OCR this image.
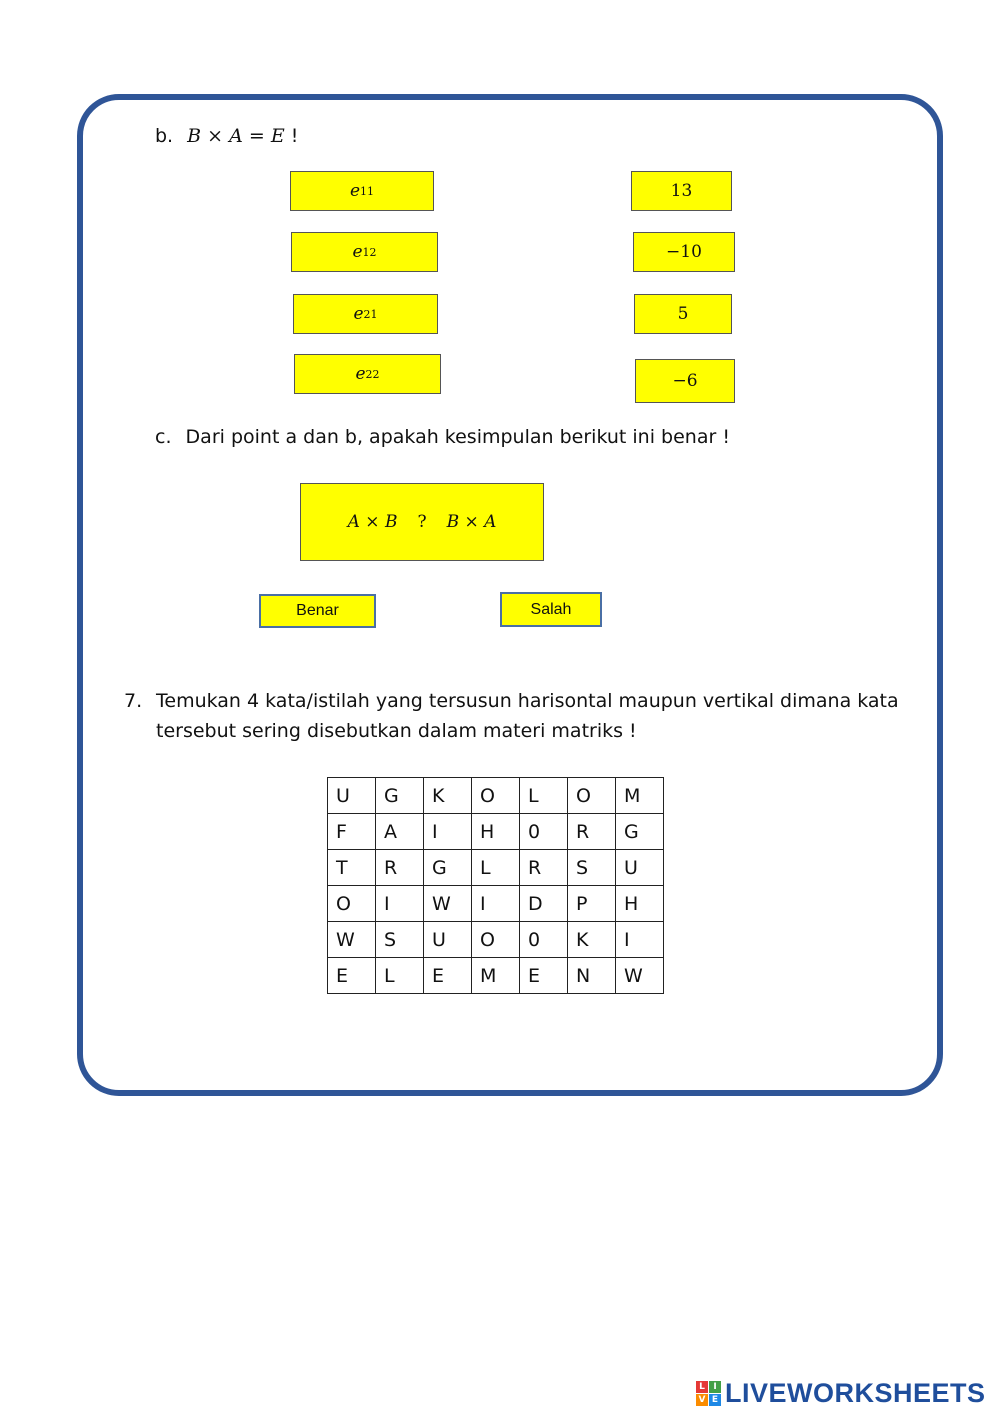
b. B × A = E !
e 11
e 12
e 21
e 22
13
−10
5
−6
c. Dari point a dan b, apakah kesimpulan berikut ini benar !
A × B ? B × A
Benar	Salah
7. Temukan 4 kata/istilah yang tersusun harisontal maupun vertikal dimana kata
tersebut sering disebutkan dalam materi matriks !
U	G	K	O	L	O	M
F	A	I	H	0	R	G
T	R	G	L	R	S	U
O	I	W	I	D	P	H
W	S	U	O	0	K	I
E	L	E	M	E	N	W
L I
V E LIVEWORKSHEETS
